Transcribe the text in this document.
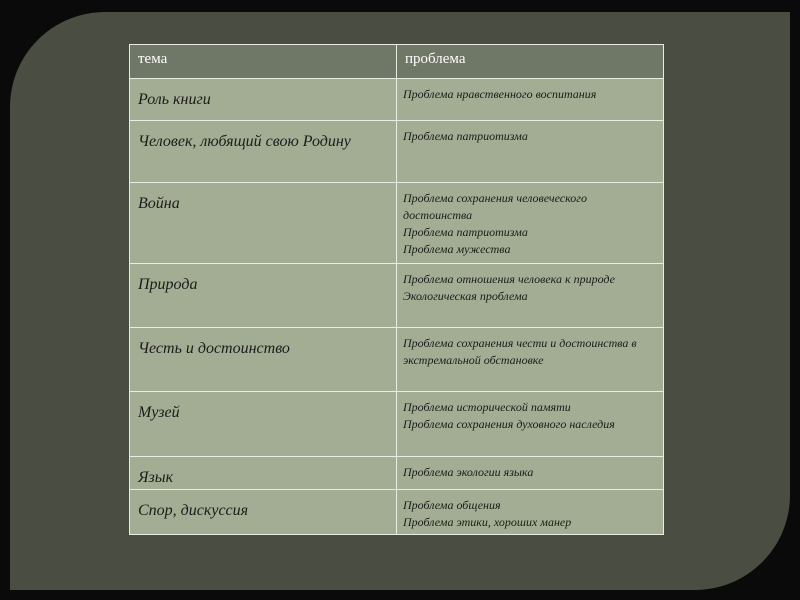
тема	проблема
Роль книги	Проблема нравственного воспитания

Человек, любящий свою Родину	Проблема патриотизма

Война	Проблема сохранения человеческого достоинства
Проблема патриотизма
Проблема мужества

Природа	Проблема отношения человека к природе
Экологическая проблема

Честь и достоинство	Проблема сохранения чести и достоинства в экстремальной обстановке

Музей	Проблема исторической памяти
Проблема сохранения духовного наследия

Язык	Проблема экологии языка

Спор, дискуссия	Проблема общения
Проблема этики, хороших манер
